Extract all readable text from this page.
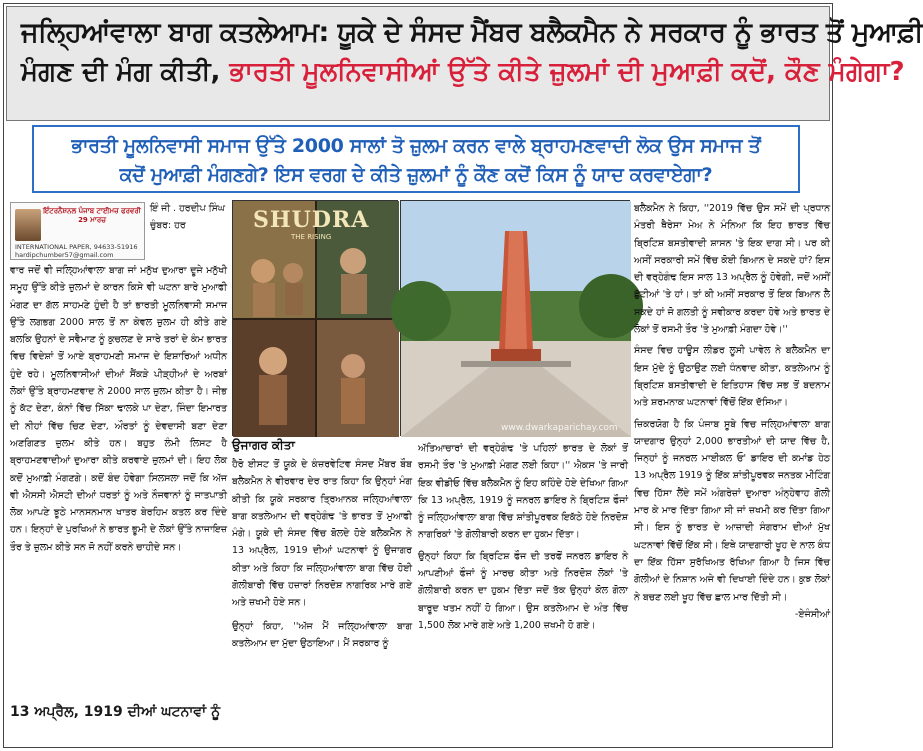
ਜਲ੍ਹਿਆਂਵਾਲਾ ਬਾਗ ਕਤਲੇਆਮ: ਯੂਕੇ ਦੇ ਸੰਸਦ ਮੈਂਬਰ ਬਲੈਕਮੈਨ ਨੇ ਸਰਕਾਰ ਨੂੰ ਭਾਰਤ ਤੋਂ ਮੁਆਫ਼ੀ
ਮੰਗਣ ਦੀ ਮੰਗ ਕੀਤੀ, ਭਾਰਤੀ ਮੂਲਨਿਵਾਸੀਆਂ ਉੱਤੇ ਕੀਤੇ ਜ਼ੁਲਮਾਂ ਦੀ ਮੁਆਫ਼ੀ ਕਦੋਂ, ਕੌਣ ਮੰਗੇਗਾ?
ਭਾਰਤੀ ਮੂਲਨਿਵਾਸੀ ਸਮਾਜ ਉੱਤੇ 2000 ਸਾਲਾਂ ਤੋ ਜ਼ੁਲਮ ਕਰਨ ਵਾਲੇ ਬ੍ਰਾਹਮਣਵਾਦੀ ਲੋਕ ਉਸ ਸਮਾਜ ਤੋਂ
ਕਦੋਂ ਮੁਆਫ਼ੀ ਮੰਗਣਗੇ? ਇਸ ਵਰਗ ਦੇ ਕੀਤੇ ਜ਼ੁਲਮਾਂ ਨੂੰ ਕੌਣ ਕਦੋਂ ਕਿਸ ਨੂੰ ਯਾਦ ਕਰਵਾਏਗਾ?
ਇੰਟਰਨੈਸ਼ਨਲ ਪੰਜਾਬ ਟਾਈਮਜ਼ ਫਰਵਰੀ 29 ਮਾਰਚ
INTERNATIONAL PAPER, 94633-51916
hardipchumber57@gmail.com
ਇੰ ਜੀ . ਹਰਦੀਪ ਸਿੰਘ ਚੁੰਬਰ: ਹਰ

ਵਾਰ ਜਦੋਂ ਵੀ ਜਲ੍ਹਿਆਂਵਾਲਾ ਬਾਗ ਜਾਂ ਮਨੁੱਖ ਦੁਆਰਾ ਦੂਜੇ ਮਨੁੱਖੀ ਸਮੂਹ ਉੱਤੇ ਕੀਤੇ ਜ਼ੁਲਮਾਂ ਦੇ ਕਾਰਨ ਕਿਸੇ ਵੀ ਘਟਨਾ ਬਾਰੇ ਮੁਆਫੀ ਮੰਗਣ ਦਾ ਗੱਲ ਸਾਹਮਣੇ ਹੁੰਦੀ ਹੈ ਤਾਂ ਭਾਰਤੀ ਮੂਲਨਿਵਾਸੀ ਸਮਾਜ ਉੱਤੇ ਲਗਭਗ 2000 ਸਾਲ ਤੋਂ ਨਾ ਕੇਵਲ ਜ਼ੁਲਮ ਹੀ ਕੀਤੇ ਗਏ ਬਲਕਿ ਉਹਨਾਂ ਦੇ ਸਵੈਮਾਣ ਨੂੰ ਕੁਚਲਣ ਦੇ ਸਾਰੇ ਤਰਾਂ ਦੇ ਕੰਮ ਭਾਰਤ ਵਿਚ ਵਿਦੇਸ਼ਾਂ ਤੋਂ ਆਏ ਬ੍ਰਾਹਮਣੀ ਸਮਾਜ ਦੇ ਇਸ਼ਾਰਿਆਂ ਅਧੀਨ ਹੁੰਦੇ ਰਹੇ। ਮੂਲਨਿਵਾਸੀਆਂ ਦੀਆਂ ਸੈਂਕੜੇ ਪੀੜ੍ਹੀਆਂ ਦੇ ਅਰਬਾਂ ਲੋਕਾਂ ਉੱਤੇ ਬ੍ਰਾਹਮਣਵਾਦ ਨੇ 2000 ਸਾਲ ਜ਼ੁਲਮ ਕੀਤਾ ਹੈ। ਜੀਭ ਨੂੰ ਕੱਟ ਦੇਣਾ, ਕੰਨਾਂ ਵਿੱਚ ਸਿੱਕਾ ਢਾਲਕੇ ਪਾ ਦੇਣਾ, ਜਿੰਦਾ ਇਮਾਰਤ ਦੀ ਨੀਹਾਂ ਵਿੱਚ ਚਿਣ ਦੇਣਾ, ਔਰਤਾਂ ਨੂੰ ਦੇਵਦਾਸੀ ਬਣਾ ਦੇਣਾ ਅਣਗਿਣਤ ਜ਼ੁਲਮ ਕੀਤੇ ਹਨ। ਬਹੁਤ ਲੰਮੀ ਲਿਸਟ ਹੈ ਬ੍ਰਾਹਮਣਵਾਦੀਆਂ ਦੁਆਰਾ ਕੀਤੇ ਕਰਵਾਏ ਜ਼ੁਲਮਾਂ ਦੀ। ਇਹ ਲੋਕ ਕਦੋਂ ਮੁਆਫ਼ੀ ਮੰਗਣਗੇ। ਕਦੋਂ ਬੰਦ ਹੋਵੇਗਾ ਸਿਲਸਲਾ ਜਦੋਂ ਕਿ ਅੱਜ ਵੀ ਐਸਸੀ ਐਸਟੀ ਦੀਆਂ ਧਰਤਾਂ ਨੂੰ ਅਤੇ ਨੌਜਵਾਨਾਂ ਨੂੰ ਜਾਤਪਾਤੀ ਲੋਕ ਆਪਣੇ ਝੂਠੇ ਮਾਨਸਨਮਾਨ ਖਾਤਰ ਬੇਰਹਿਮ ਕਤਲ ਕਰ ਦਿੰਦੇ ਹਨ। ਇਨ੍ਹਾਂ ਦੇ ਪੁਰਖਿਆਂ ਨੇ ਭਾਰਤ ਭੂਮੀ ਦੇ ਲੋਕਾਂ ਉੱਤੇ ਨਾਜਾਇਜ਼ ਤੌਰ ਤੇ ਜ਼ੁਲਮ ਕੀਤੇ ਸਨ ਜੋ ਨਹੀਂ ਕਰਨੇ ਚਾਹੀਦੇ ਸਨ।

13 ਅਪ੍ਰੈਲ, 1919 ਦੀਆਂ ਘਟਨਾਵਾਂ ਨੂੰ
SHUDRA
THE RISING
www.dwarkaparichay.com
ਉਜਾਗਰ ਕੀਤਾ

ਹੈਰੋ ਈਸਟ ਤੋਂ ਯੂਕੇ ਦੇ ਕੰਜ਼ਰਵੇਟਿਵ ਸੰਸਦ ਮੈਂਬਰ ਬੌਬ ਬਲੈਕਮੈਨ ਨੇ ਵੀਰਵਾਰ ਦੇਰ ਰਾਤ ਕਿਹਾ ਕਿ ਉਨ੍ਹਾਂ ਮੰਗ ਕੀਤੀ ਕਿ ਯੂਕੇ ਸਰਕਾਰ ਤ੍ਰਿਆਨਕ ਜਲ੍ਹਿਆਂਵਾਲਾ ਬਾਗ ਕਤਲੇਆਮ ਦੀ ਵਰ੍ਹੇਗੰਢ 'ਤੇ ਭਾਰਤ ਤੋਂ ਮੁਆਫੀ ਮੰਗੇ। ਯੂਕੇ ਦੀ ਸੰਸਦ ਵਿੱਚ ਬੋਲਦੇ ਹੋਏ ਬਲੈਕਮੈਨ ਨੇ 13 ਅਪ੍ਰੈਲ, 1919 ਦੀਆਂ ਘਟਨਾਵਾਂ ਨੂੰ ਉਜਾਗਰ ਕੀਤਾ ਅਤੇ ਕਿਹਾ ਕਿ ਜਲ੍ਹਿਆਂਵਾਲਾ ਬਾਗ ਵਿੱਚ ਹੋਈ ਗੋਲੀਬਾਰੀ ਵਿੱਚ ਹਜ਼ਾਰਾਂ ਨਿਰਦੋਸ਼ ਨਾਗਰਿਕ ਮਾਰੇ ਗਏ ਅਤੇ ਜ਼ਖਮੀ ਹੋਏ ਸਨ।

ਉਨ੍ਹਾਂ ਕਿਹਾ, ''ਅੱਜ ਮੈਂ ਜਲ੍ਹਿਆਂਵਾਲਾ ਬਾਗ ਕਤਲੇਆਮ ਦਾ ਮੁੱਦਾ ਉਠਾਇਆ। ਮੈਂ ਸਰਕਾਰ ਨੂੰ

ਅੱਤਿਆਚਾਰਾਂ ਦੀ ਵਰ੍ਹੇਗੰਢ 'ਤੇ ਪਹਿਲਾਂ ਭਾਰਤ ਦੇ ਲੋਕਾਂ ਤੋਂ ਰਸਮੀ ਤੌਰ 'ਤੇ ਮੁਆਫ਼ੀ ਮੰਗਣ ਲਈ ਕਿਹਾ।'' ਐਕਸ 'ਤੇ ਜਾਰੀ ਇਕ ਵੀਡੀਓ ਵਿੱਚ ਬਲੈਕਮੈਨ ਨੂੰ ਇਹ ਕਹਿੰਦੇ ਹੋਏ ਦੇਖਿਆ ਗਿਆ ਕਿ 13 ਅਪ੍ਰੈਲ, 1919 ਨੂੰ ਜਨਰਲ ਡਾਇਰ ਨੇ ਬ੍ਰਿਟਿਸ਼ ਫੌਜਾਂ ਨੂੰ ਜਲ੍ਹਿਆਂਵਾਲਾ ਬਾਗ ਵਿੱਚ ਸ਼ਾਂਤੀਪੂਰਵਕ ਇਕੱਠੇ ਹੋਏ ਨਿਰਦੋਸ਼ ਨਾਗਰਿਕਾਂ 'ਤੇ ਗੋਲੀਬਾਰੀ ਕਰਨ ਦਾ ਹੁਕਮ ਦਿੱਤਾ।

ਉਨ੍ਹਾਂ ਕਿਹਾ ਕਿ ਬ੍ਰਿਟਿਸ਼ ਫੌਜ ਦੀ ਤਰਫੋਂ ਜਨਰਲ ਡਾਇਰ ਨੇ ਆਪਣੀਆਂ ਫੌਜਾਂ ਨੂੰ ਮਾਰਚ ਕੀਤਾ ਅਤੇ ਨਿਰਦੋਸ਼ ਲੋਕਾਂ 'ਤੇ ਗੋਲੀਬਾਰੀ ਕਰਨ ਦਾ ਹੁਕਮ ਦਿੱਤਾ ਜਦੋਂ ਤੱਕ ਉਨ੍ਹਾਂ ਕੋਲ ਗੋਲਾ ਬਾਰੂਦ ਖਤਮ ਨਹੀਂ ਹੋ ਗਿਆ। ਉਸ ਕਤਲੇਆਮ ਦੇ ਅੰਤ ਵਿੱਚ 1,500 ਲੋਕ ਮਾਰੇ ਗਏ ਅਤੇ 1,200 ਜ਼ਖਮੀ ਹੋ ਗਏ।

ਬਲੈਕਮੈਨ ਨੇ ਕਿਹਾ, ''2019 ਵਿੱਚ ਉਸ ਸਮੇਂ ਦੀ ਪ੍ਰਧਾਨ ਮੰਤਰੀ ਥੈਰੇਸਾ ਮੇਅ ਨੇ ਮੰਨਿਆ ਕਿ ਇਹ ਭਾਰਤ ਵਿੱਚ ਬ੍ਰਿਟਿਸ਼ ਬਸਤੀਵਾਦੀ ਸ਼ਾਸਨ 'ਤੇ ਇਕ ਦਾਗ ਸੀ। ਪਰ ਕੀ ਅਸੀਂ ਸਰਕਾਰੀ ਸਮੇਂ ਵਿੱਚ ਕੋਈ ਬਿਆਨ ਦੇ ਸਕਦੇ ਹਾਂ? ਇਸ ਦੀ ਵਰ੍ਹੇਗੰਢ ਇਸ ਸਾਲ 13 ਅਪ੍ਰੈਲ ਨੂੰ ਹੋਵੇਗੀ, ਜਦੋਂ ਅਸੀਂ ਛੁੱਟੀਆਂ 'ਤੇ ਹਾਂ। ਤਾਂ ਕੀ ਅਸੀਂ ਸਰਕਾਰ ਤੋਂ ਇਕ ਬਿਆਨ ਲੈ ਸਕਦੇ ਹਾਂ ਜੋ ਗਲਤੀ ਨੂੰ ਸਵੀਕਾਰ ਕਰਦਾ ਹੋਵੇ ਅਤੇ ਭਾਰਤ ਦੇ ਲੋਕਾਂ ਤੋਂ ਰਸਮੀ ਤੌਰ 'ਤੇ ਮੁਆਫ਼ੀ ਮੰਗਦਾ ਹੋਵੇ।''

ਸੰਸਦ ਵਿਚ ਹਾਊਸ ਲੀਡਰ ਲੂਸੀ ਪਾਵੇਲ ਨੇ ਬਲੈਕਮੈਨ ਦਾ ਇਸ ਮੁੱਦੇ ਨੂੰ ਉਠਾਉਣ ਲਈ ਧੰਨਵਾਦ ਕੀਤਾ, ਕਤਲੇਆਮ ਨੂੰ ਬ੍ਰਿਟਿਸ਼ ਬਸਤੀਵਾਦੀ ਦੇ ਇਤਿਹਾਸ ਵਿੱਚ ਸਭ ਤੋਂ ਬਦਨਾਮ ਅਤੇ ਸ਼ਰਮਨਾਕ ਘਟਨਾਵਾਂ ਵਿੱਚੋਂ ਇੱਕ ਦੱਸਿਆ।

ਜ਼ਿਕਰਯੋਗ ਹੈ ਕਿ ਪੰਜਾਬ ਸੂਬੇ ਵਿਚ ਜਲ੍ਹਿਆਂਵਾਲਾ ਬਾਗ ਯਾਦਗਾਰ ਉਨ੍ਹਾਂ 2,000 ਭਾਰਤੀਆਂ ਦੀ ਯਾਦ ਵਿੱਚ ਹੈ, ਜਿਨ੍ਹਾਂ ਨੂੰ ਜਨਰਲ ਮਾਈਕਲ ਓ' ਡਾਇਰ ਦੀ ਕਮਾਂਡ ਹੇਠ 13 ਅਪ੍ਰੈਲ 1919 ਨੂੰ ਇੱਕ ਸ਼ਾਂਤੀਪੂਰਵਕ ਜਨਤਕ ਮੀਟਿੰਗ ਵਿਚ ਹਿੱਸਾ ਲੈਂਦੇ ਸਮੇਂ ਅੰਗਰੇਜ਼ਾਂ ਦੁਆਰਾ ਅੰਨ੍ਹੇਵਾਹ ਗੋਲੀ ਮਾਰ ਕੇ ਮਾਰ ਦਿੱਤਾ ਗਿਆ ਸੀ ਜਾਂ ਜ਼ਖਮੀ ਕਰ ਦਿੱਤਾ ਗਿਆ ਸੀ। ਇਸ ਨੂੰ ਭਾਰਤ ਦੇ ਆਜ਼ਾਦੀ ਸੰਗਰਾਮ ਦੀਆਂ ਮੁੱਖ ਘਟਨਾਵਾਂ ਵਿੱਚੋਂ ਇੱਕ ਸੀ। ਇਥੇ ਯਾਦਗਾਰੀ ਖੂਹ ਦੇ ਨਾਲ ਕੰਧ ਦਾ ਇੱਕ ਹਿੱਸਾ ਸੁਰੱਖਿਅਤ ਰੱਖਿਆ ਗਿਆ ਹੈ ਜਿਸ ਵਿੱਚ ਗੋਲੀਆਂ ਦੇ ਨਿਸ਼ਾਨ ਅਜੇ ਵੀ ਦਿਖਾਈ ਦਿੰਦੇ ਹਨ। ਕੁਝ ਲੋਕਾਂ ਨੇ ਬਚਣ ਲਈ ਖੂਹ ਵਿੱਚ ਛਾਲ ਮਾਰ ਦਿੱਤੀ ਸੀ।

-ਏਜੰਸੀਆਂ
